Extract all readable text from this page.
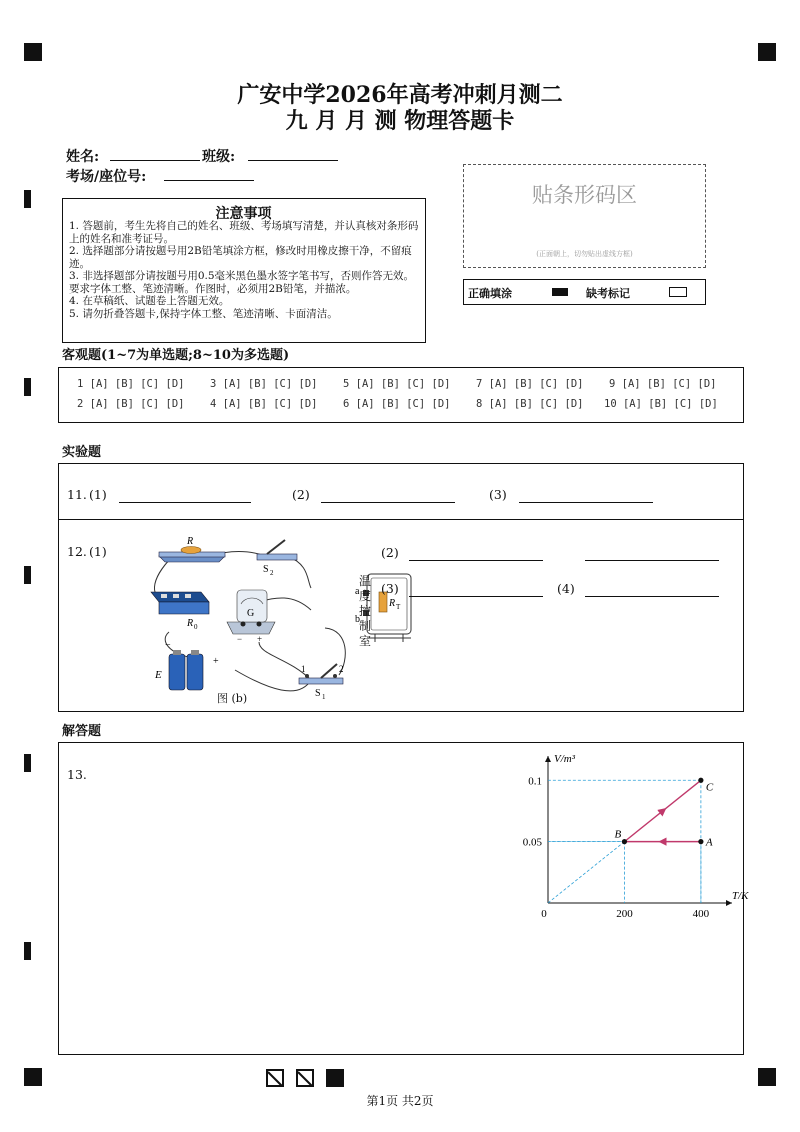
广安中学2026年高考冲刺月测二
九 月 月 测 物理答题卡
姓名:	班级:
考场/座位号:
贴条形码区
(正面朝上，切勿贴出虚线方框)
正确填涂	缺考标记
注意事项
1. 答题前，考生先将自己的姓名、班级、考场填写清楚，并认真核对条形码上的姓名和准考证号。
2. 选择题部分请按题号用2B铅笔填涂方框，修改时用橡皮擦干净，不留痕迹。
3. 非选择题部分请按题号用0.5毫米黑色墨水签字笔书写，否则作答无效。要求字体工整、笔迹清晰。作图时，必须用2B铅笔，并描浓。
4. 在草稿纸、试题卷上答题无效。
5. 请勿折叠答题卡,保持字体工整、笔迹清晰、卡面清洁。
客观题(1~7为单选题;8~10为多选题)
1 [A] [B] [C] [D] 3 [A] [B] [C] [D] 5 [A] [B] [C] [D] 7 [A] [B] [C] [D] 9 [A] [B] [C] [D]
2 [A] [B] [C] [D] 4 [A] [B] [C] [D] 6 [A] [B] [C] [D] 8 [A] [B] [C] [D] 10 [A] [B] [C] [D]
实验题
11. (1)	(2)	(3)
12. (1)
R
S 2
R 0
G
+
−
E
−
+
1	2
S 1
a
b
R T
温度控制室
图 (b)
(2)
(3)	(4)
解答题
13.
T/K
V/m³
0	200	400
0.05
0.1
A
B
C
第1页 共2页
